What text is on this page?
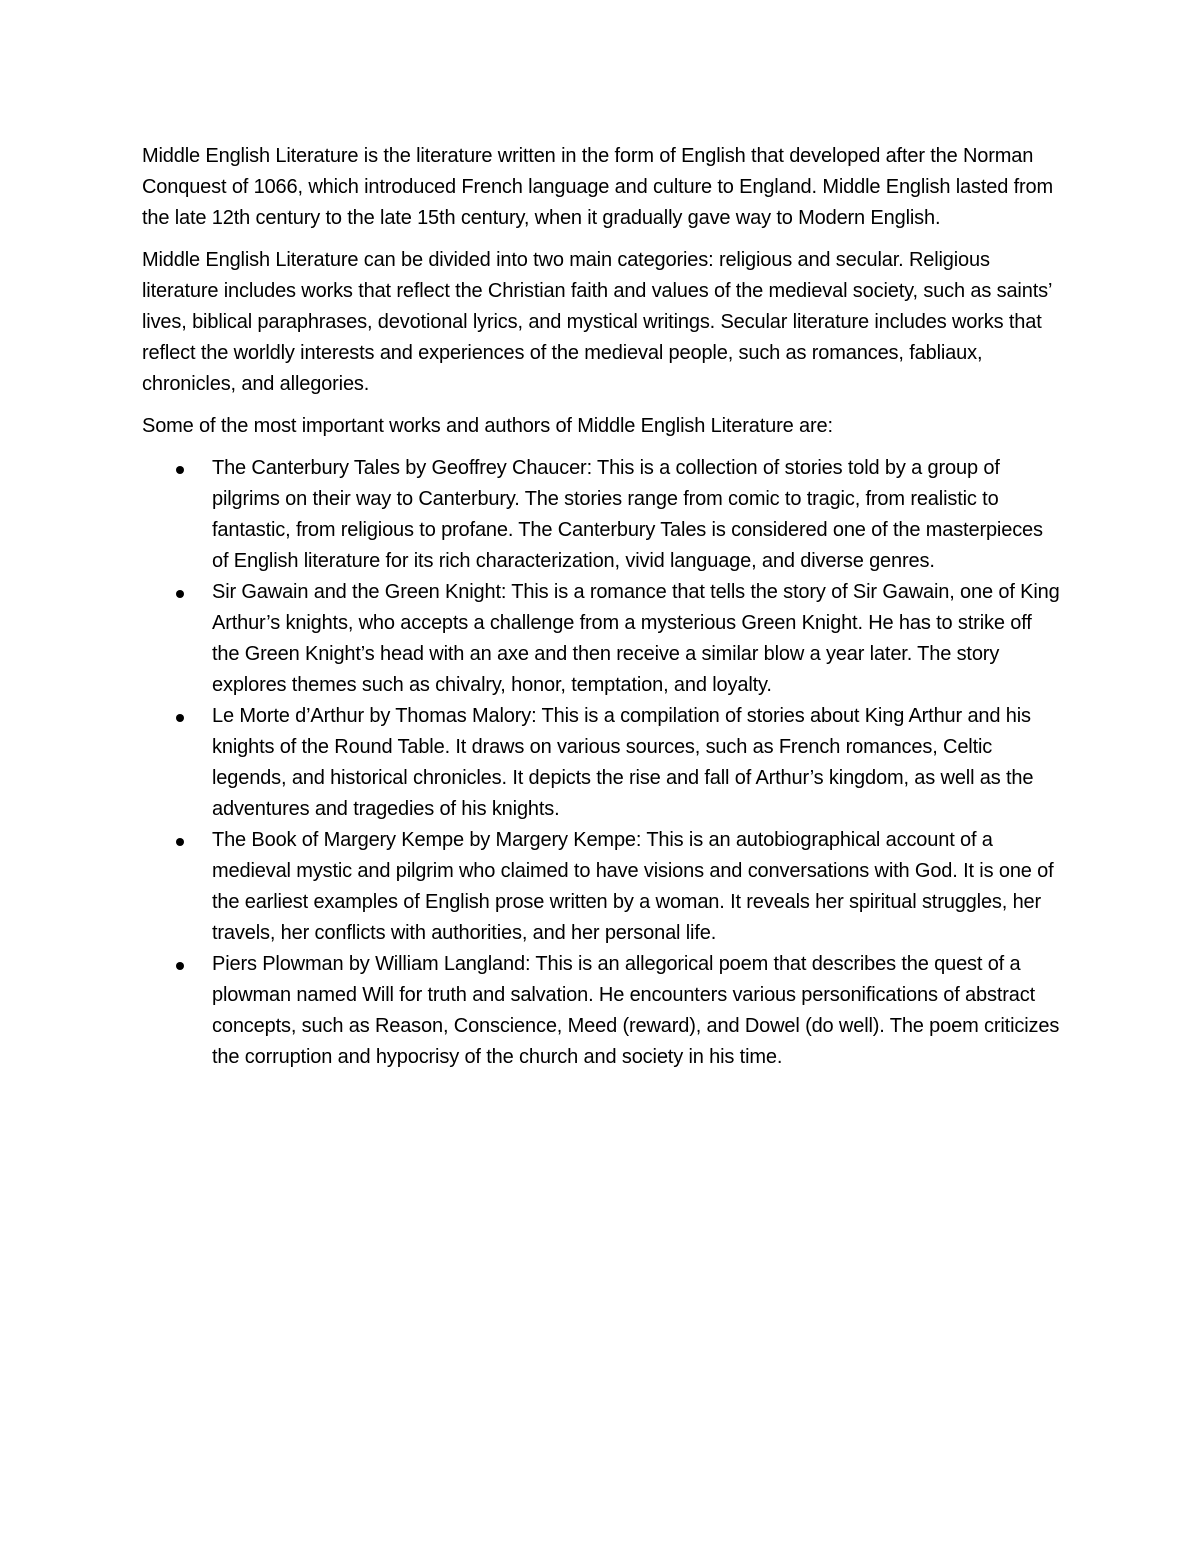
Middle English Literature is the literature written in the form of English that developed after the Norman Conquest of 1066, which introduced French language and culture to England. Middle English lasted from the late 12th century to the late 15th century, when it gradually gave way to Modern English.

Middle English Literature can be divided into two main categories: religious and secular. Religious literature includes works that reflect the Christian faith and values of the medieval society, such as saints’ lives, biblical paraphrases, devotional lyrics, and mystical writings. Secular literature includes works that reflect the worldly interests and experiences of the medieval people, such as romances, fabliaux, chronicles, and allegories.

Some of the most important works and authors of Middle English Literature are:

The Canterbury Tales by Geoffrey Chaucer: This is a collection of stories told by a group of pilgrims on their way to Canterbury. The stories range from comic to tragic, from realistic to fantastic, from religious to profane. The Canterbury Tales is considered one of the masterpieces of English literature for its rich characterization, vivid language, and diverse genres.
Sir Gawain and the Green Knight: This is a romance that tells the story of Sir Gawain, one of King Arthur’s knights, who accepts a challenge from a mysterious Green Knight. He has to strike off the Green Knight’s head with an axe and then receive a similar blow a year later. The story explores themes such as chivalry, honor, temptation, and loyalty.
Le Morte d’Arthur by Thomas Malory: This is a compilation of stories about King Arthur and his knights of the Round Table. It draws on various sources, such as French romances, Celtic legends, and historical chronicles. It depicts the rise and fall of Arthur’s kingdom, as well as the adventures and tragedies of his knights.
The Book of Margery Kempe by Margery Kempe: This is an autobiographical account of a medieval mystic and pilgrim who claimed to have visions and conversations with God. It is one of the earliest examples of English prose written by a woman. It reveals her spiritual struggles, her travels, her conflicts with authorities, and her personal life.
Piers Plowman by William Langland: This is an allegorical poem that describes the quest of a plowman named Will for truth and salvation. He encounters various personifications of abstract concepts, such as Reason, Conscience, Meed (reward), and Dowel (do well). The poem criticizes the corruption and hypocrisy of the church and society in his time.
